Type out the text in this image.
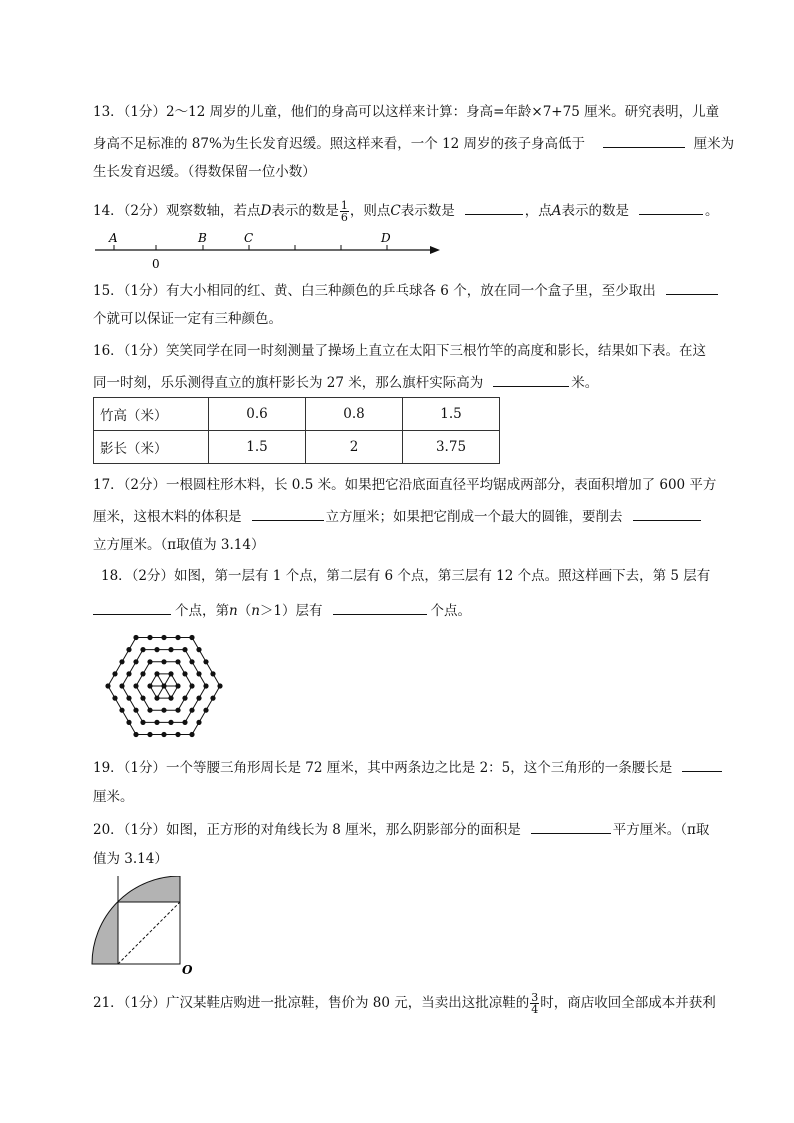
13．（1分）2～12 周岁的儿童，他们的身高可以这样来计算：身高=年龄×7+75 厘米。研究表明，儿童
身高不足标准的 87%为生长发育迟缓。照这样来看，一个 12 周岁的孩子身高低于	厘米为
生长发育迟缓。（得数保留一位小数）
14．（2分）观察数轴，若点D表示的数是 $\frac{1}{6}$ ，则点C表示数是	，点A表示的数是	。
A	B	C	D
0
15．（1分）有大小相同的红、黄、白三种颜色的乒乓球各 6 个，放在同一个盒子里，至少取出
个就可以保证一定有三种颜色。
16．（1分）笑笑同学在同一时刻测量了操场上直立在太阳下三根竹竿的高度和影长，结果如下表。在这
同一时刻，乐乐测得直立的旗杆影长为 27 米，那么旗杆实际高为	米。
竹高（米）	0.6	0.8	1.5
影长（米）	1.5	2	3.75
17．（2分）一根圆柱形木料，长 0.5 米。如果把它沿底面直径平均锯成两部分，表面积增加了 600 平方
厘米，这根木料的体积是	立方厘米；如果把它削成一个最大的圆锥，要削去
立方厘米。（π取值为 3.14）
18．（2分）如图，第一层有 1 个点，第二层有 6 个点，第三层有 12 个点。照这样画下去，第 5 层有
个点，第n（n＞1）层有	个点。
19．（1分）一个等腰三角形周长是 72 厘米，其中两条边之比是 2：5，这个三角形的一条腰长是
厘米。
20．（1分）如图，正方形的对角线长为 8 厘米，那么阴影部分的面积是	平方厘米。（π取
值为 3.14）
O
21．（1分）广汉某鞋店购进一批凉鞋，售价为 80 元，当卖出这批凉鞋的 $\frac{3}{4}$ 时，商店收回全部成本并获利
